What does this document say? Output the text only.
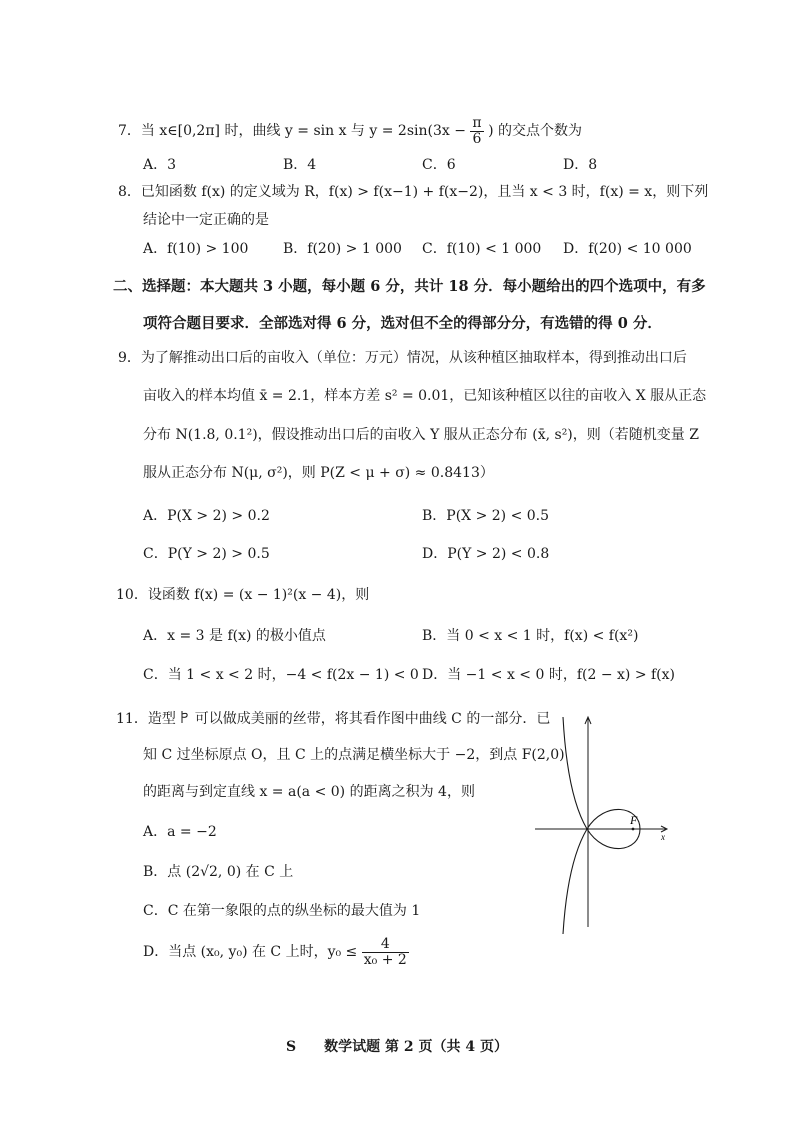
7．当 x∈[0,2π] 时，曲线 y = sin x 与 $y = 2\sin(3x - \frac{\pi}{6}$ ) 的交点个数为
A．3	B．4	C．6	D．8
8．已知函数 f(x) 的定义域为 R，f(x) > f(x−1) + f(x−2)，且当 x < 3 时，f(x) = x，则下列
结论中一定正确的是
A．f(10) > 100 B．f(20) > 1 000 C．f(10) < 1 000 D．f(20) < 10 000
二、选择题：本大题共 3 小题，每小题 6 分，共计 18 分．每小题给出的四个选项中，有多
项符合题目要求．全部选对得 6 分，选对但不全的得部分分，有选错的得 0 分．
9．为了解推动出口后的亩收入（单位：万元）情况，从该种植区抽取样本，得到推动出口后
亩收入的样本均值 x̄ = 2.1，样本方差 s² = 0.01，已知该种植区以往的亩收入 X 服从正态
分布 N(1.8, 0.1²)，假设推动出口后的亩收入 Y 服从正态分布 (x̄, s²)，则（若随机变量 Z
服从正态分布 N(μ, σ²)，则 P(Z < μ + σ) ≈ 0.8413）
A．P(X > 2) > 0.2	B．P(X > 2) < 0.5
C．P(Y > 2) > 0.5	D．P(Y > 2) < 0.8
10．设函数 f(x) = (x − 1)²(x − 4)，则
A．x = 3 是 f(x) 的极小值点	B．当 0 < x < 1 时，f(x) < f(x²)
C．当 1 < x < 2 时，−4 < f(2x − 1) < 0 D．当 −1 < x < 0 时，f(2 − x) > f(x)
11．造型 可以做成美丽的丝带，将其看作图中曲线 C 的一部分．已
知 C 过坐标原点 O，且 C 上的点满足横坐标大于 −2，到点 F(2,0)
的距离与到定直线 x = a(a < 0) 的距离之积为 4，则
A．a = −2
B．点 (2√2, 0) 在 C 上
C．C 在第一象限的点的纵坐标的最大值为 1
D．当点 (x₀, y₀) 在 C 上时，$y_0 \le \frac{4}{\text{x₀ + 2}}$
F
x
S　　数学试题 第 2 页（共 4 页）
